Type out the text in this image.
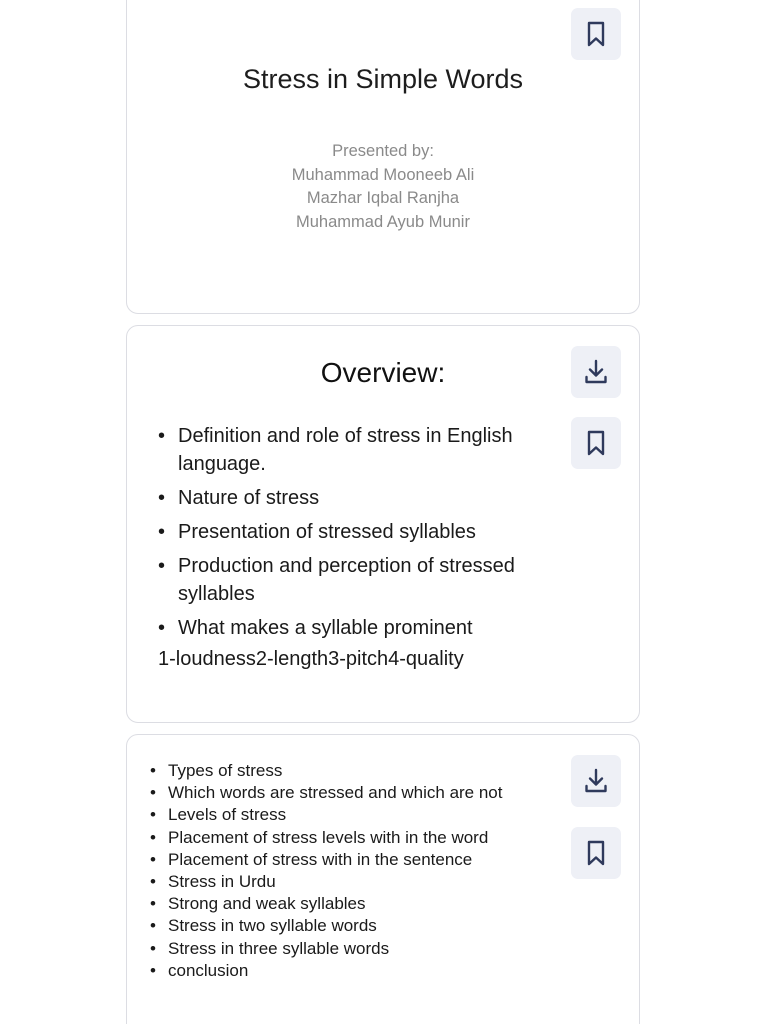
Stress in Simple Words
Presented by:
Muhammad Mooneeb Ali
Mazhar Iqbal Ranjha
Muhammad Ayub Munir
Overview:
• Definition and role of stress in English language.
• Nature of stress
• Presentation of stressed syllables
• Production and perception of stressed syllables
• What makes a syllable prominent
1-loudness2-length3-pitch4-quality
• Types of stress
• Which words are stressed and which are not
• Levels of stress
• Placement of stress levels with in the word
• Placement of stress with in the sentence
• Stress in Urdu
• Strong and weak syllables
• Stress in two syllable words
• Stress in three syllable words
• conclusion
